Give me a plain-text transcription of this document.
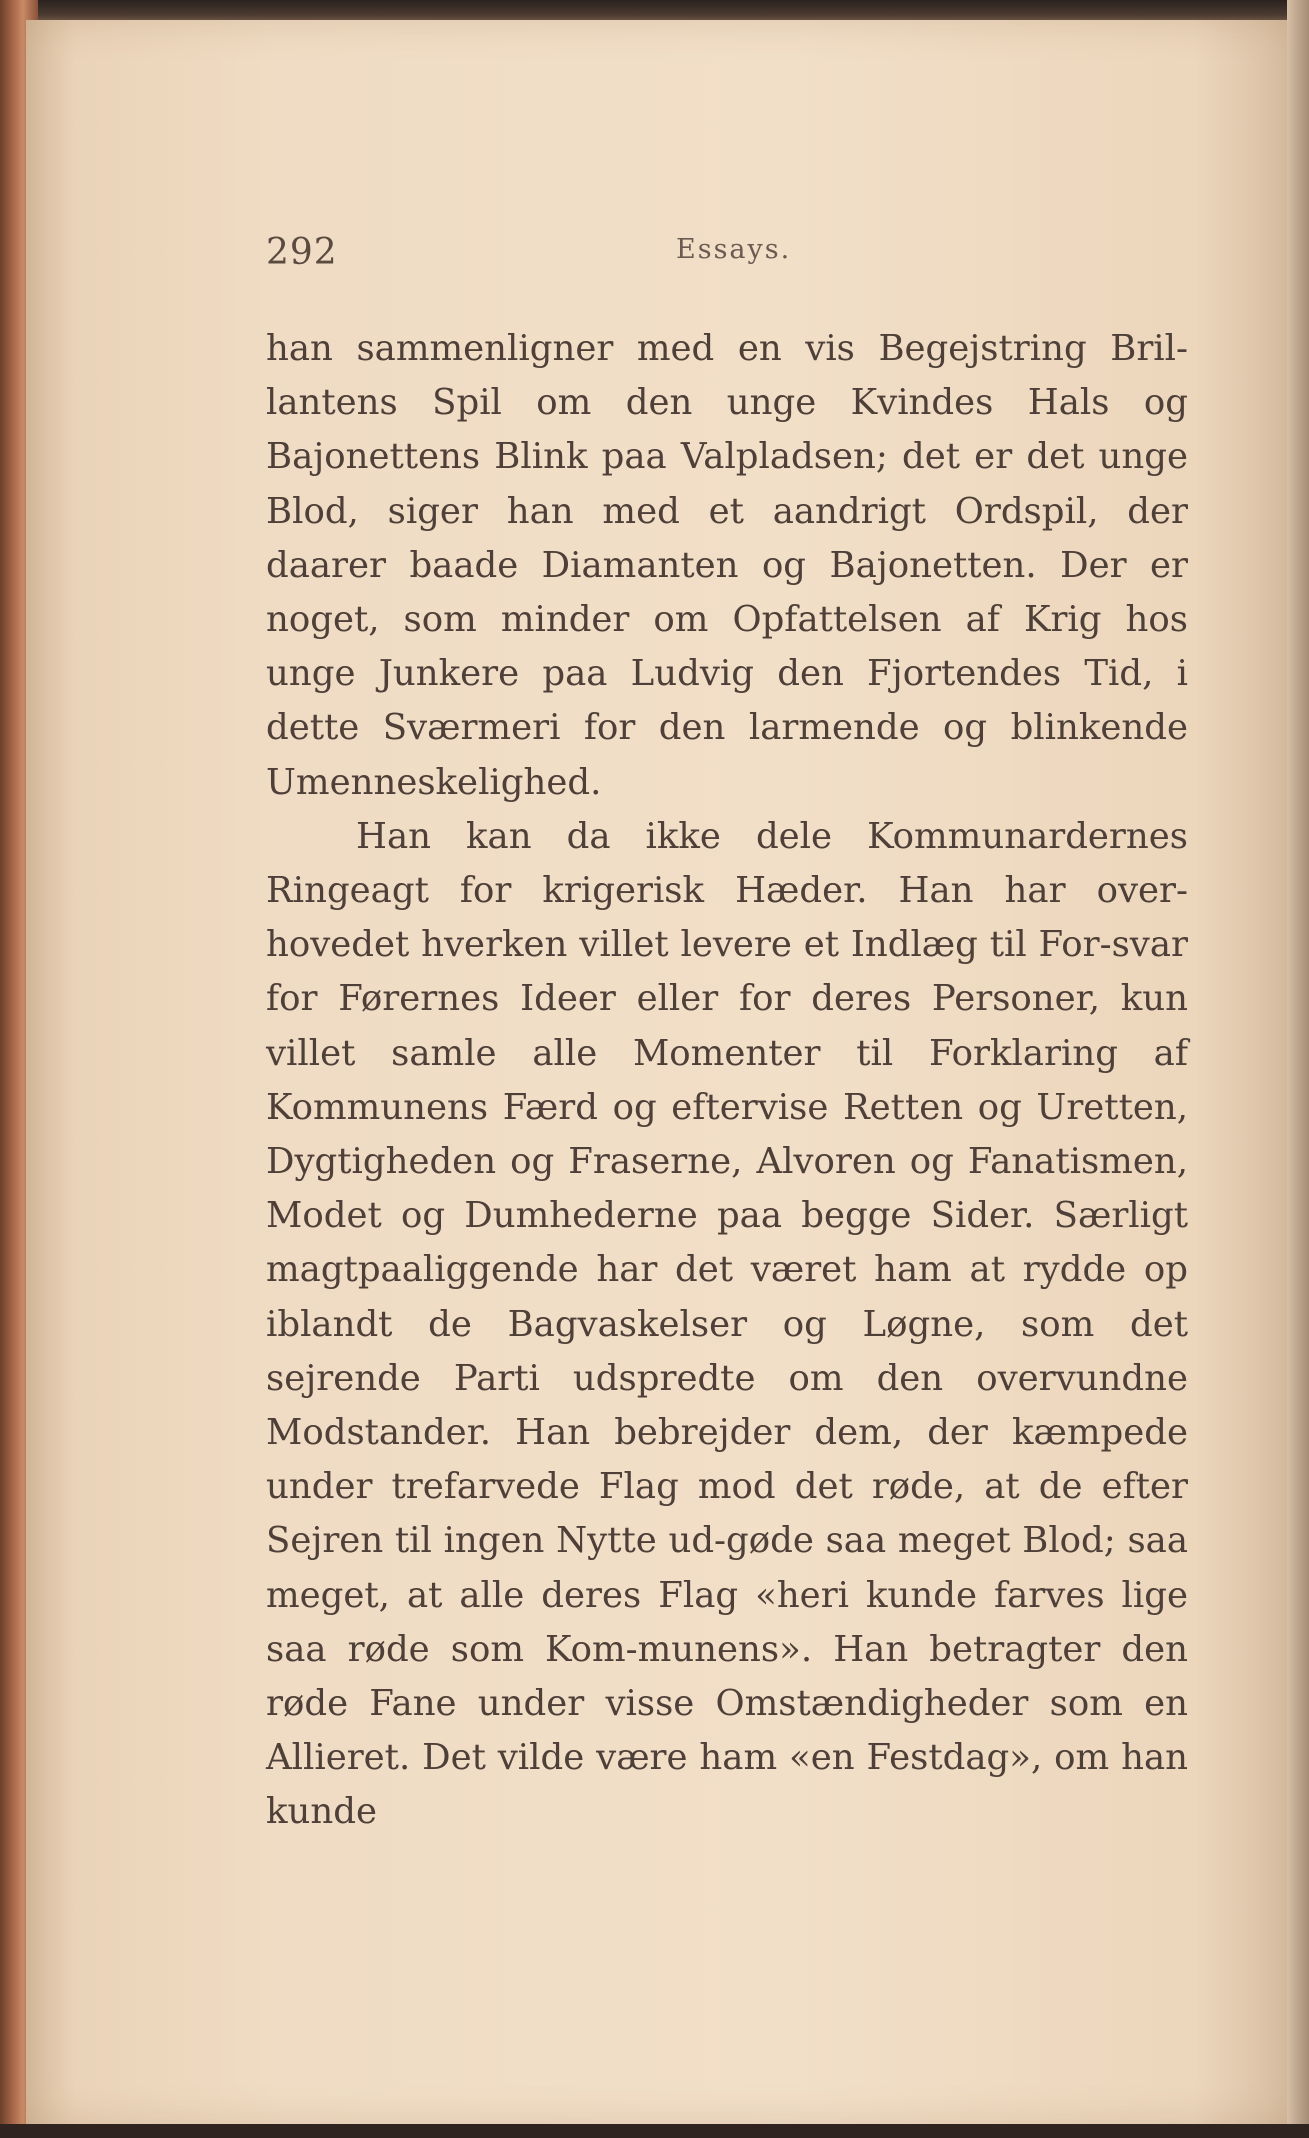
292	Essays.

han sammenligner med en vis Begejstring Bril-lantens Spil om den unge Kvindes Hals og Bajonettens Blink paa Valpladsen; det er det unge Blod, siger han med et aandrigt Ordspil, der daarer baade Diamanten og Bajonetten. Der er noget, som minder om Opfattelsen af Krig hos unge Junkere paa Ludvig den Fjortendes Tid, i dette Sværmeri for den larmende og blinkende Umenneskelighed.

Han kan da ikke dele Kommunardernes Ringeagt for krigerisk Hæder. Han har over-hovedet hverken villet levere et Indlæg til For-svar for Førernes Ideer eller for deres Personer, kun villet samle alle Momenter til Forklaring af Kommunens Færd og eftervise Retten og Uretten, Dygtigheden og Fraserne, Alvoren og Fanatismen, Modet og Dumhederne paa begge Sider. Særligt magtpaaliggende har det været ham at rydde op iblandt de Bagvaskelser og Løgne, som det sejrende Parti udspredte om den overvundne Modstander. Han bebrejder dem, der kæmpede under trefarvede Flag mod det røde, at de efter Sejren til ingen Nytte ud-gøde saa meget Blod; saa meget, at alle deres Flag «heri kunde farves lige saa røde som Kom-munens». Han betragter den røde Fane under visse Omstændigheder som en Allieret. Det vilde være ham «en Festdag», om han kunde
